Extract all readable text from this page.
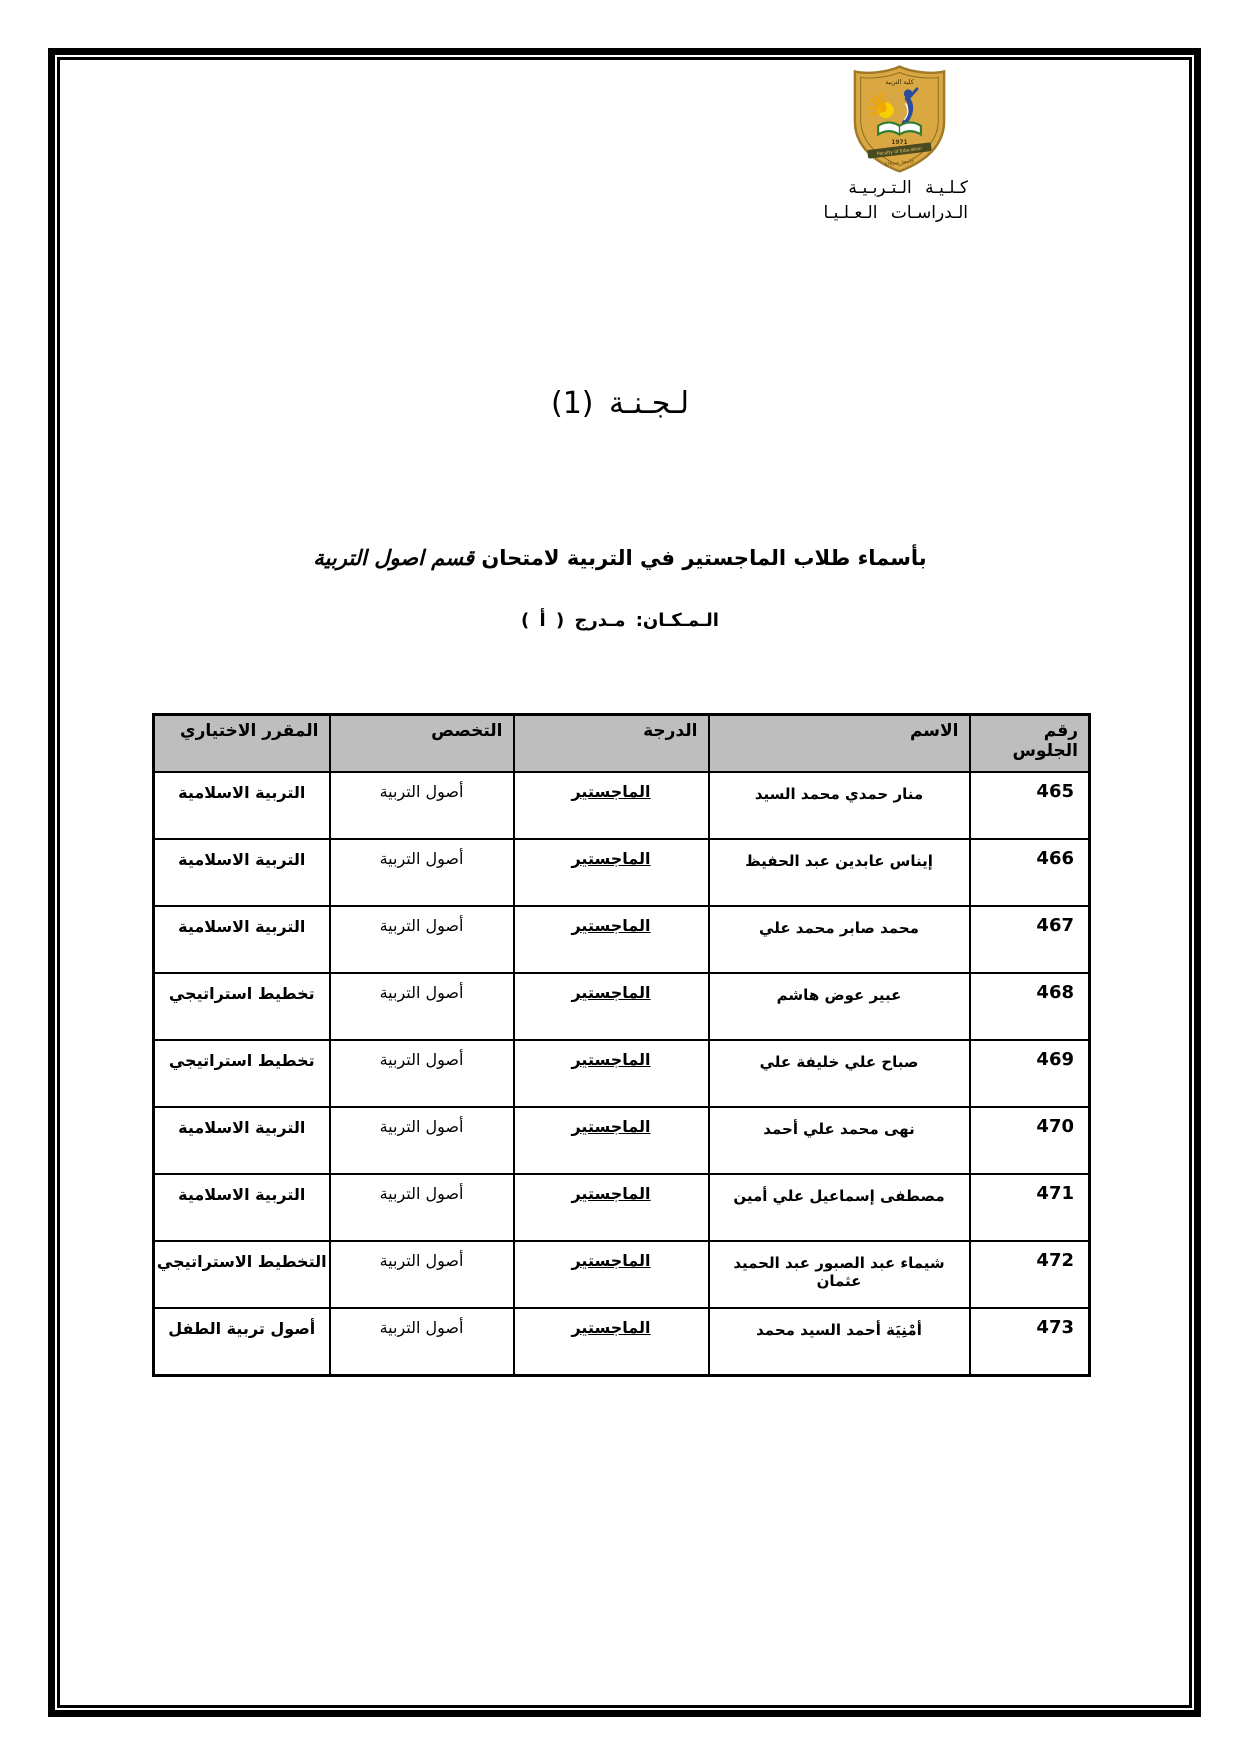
كلية التربية
1971
Faculty of Education
جامعة سوهاج
كـلـيـة الـتـربـيـة
الـدراسـات الـعـلـيـا
لـجـنـة (1)
بأسماء طلاب الماجستير في التربية لامتحان قسم اصول التربية
الـمـكـان: مـدرج ( أ )
رقم الجلوس	الاسم	الدرجة	التخصص	المقرر الاختياري
465	منار حمدي محمد السيد	الماجستير	أصول التربية	التربية الاسلامية
466	إيناس عابدين عبد الحفيظ	الماجستير	أصول التربية	التربية الاسلامية
467	محمد صابر محمد علي	الماجستير	أصول التربية	التربية الاسلامية
468	عبير عوض هاشم	الماجستير	أصول التربية	تخطيط استراتيجي
469	صباح علي خليفة علي	الماجستير	أصول التربية	تخطيط استراتيجي
470	نهى محمد علي أحمد	الماجستير	أصول التربية	التربية الاسلامية
471	مصطفى إسماعيل علي أمين	الماجستير	أصول التربية	التربية الاسلامية
472	شيماء عبد الصبور عبد الحميد عثمان	الماجستير	أصول التربية	التخطيط الاستراتيجي
473	أمْنِيَة أحمد السيد محمد	الماجستير	أصول التربية	أصول تربية الطفل
